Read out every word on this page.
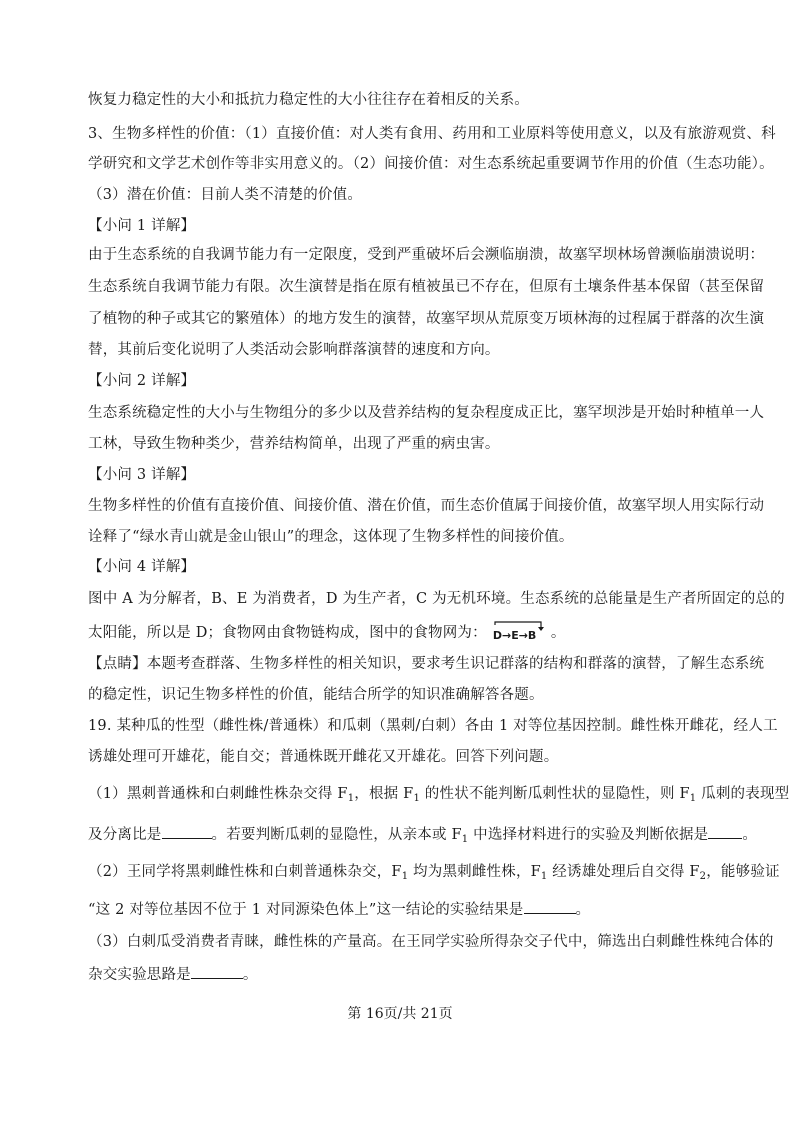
恢复力稳定性的大小和抵抗力稳定性的大小往往存在着相反的关系。
3、生物多样性的价值：（1）直接价值：对人类有食用、药用和工业原料等使用意义，以及有旅游观赏、科
学研究和文学艺术创作等非实用意义的。（2）间接价值：对生态系统起重要调节作用的价值（生态功能）。
（3）潜在价值：目前人类不清楚的价值。
【小问 1 详解】
由于生态系统的自我调节能力有一定限度，受到严重破坏后会濒临崩溃，故塞罕坝林场曾濒临崩溃说明：
生态系统自我调节能力有限。次生演替是指在原有植被虽已不存在，但原有土壤条件基本保留（甚至保留
了植物的种子或其它的繁殖体）的地方发生的演替，故塞罕坝从荒原变万顷林海的过程属于群落的次生演
替，其前后变化说明了人类活动会影响群落演替的速度和方向。
【小问 2 详解】
生态系统稳定性的大小与生物组分的多少以及营养结构的复杂程度成正比，塞罕坝涉是开始时种植单一人
工林，导致生物种类少，营养结构简单，出现了严重的病虫害。
【小问 3 详解】
生物多样性的价值有直接价值、间接价值、潜在价值，而生态价值属于间接价值，故塞罕坝人用实际行动
诠释了“绿水青山就是金山银山”的理念，这体现了生物多样性的间接价值。
【小问 4 详解】
图中 A 为分解者，B、E 为消费者，D 为生产者，C 为无机环境。生态系统的总能量是生产者所固定的总的
太阳能，所以是 D；食物网由食物链构成，图中的食物网为： D→E→B 。
【点睛】本题考查群落、生物多样性的相关知识，要求考生识记群落的结构和群落的演替，了解生态系统
的稳定性，识记生物多样性的价值，能结合所学的知识准确解答各题。
19. 某种瓜的性型（雌性株/普通株）和瓜刺（黑刺/白刺）各由 1 对等位基因控制。雌性株开雌花，经人工
诱雄处理可开雄花，能自交；普通株既开雌花又开雄花。回答下列问题。
（1）黑刺普通株和白刺雌性株杂交得 $F_1$，根据 $F_1$ 的性状不能判断瓜刺性状的显隐性，则 $F_1$ 瓜刺的表现型
及分离比是	。若要判断瓜刺的显隐性，从亲本或 $F_1$ 中选择材料进行的实验及判断依据是 。
（2）王同学将黑刺雌性株和白刺普通株杂交，$F_1$ 均为黑刺雌性株，$F_1$ 经诱雄处理后自交得 $F_2$，能够验证
“这 2 对等位基因不位于 1 对同源染色体上”这一结论的实验结果是	。
（3）白刺瓜受消费者青睐，雌性株的产量高。在王同学实验所得杂交子代中，筛选出白刺雌性株纯合体的
杂交实验思路是	。
第 16页/共 21页
